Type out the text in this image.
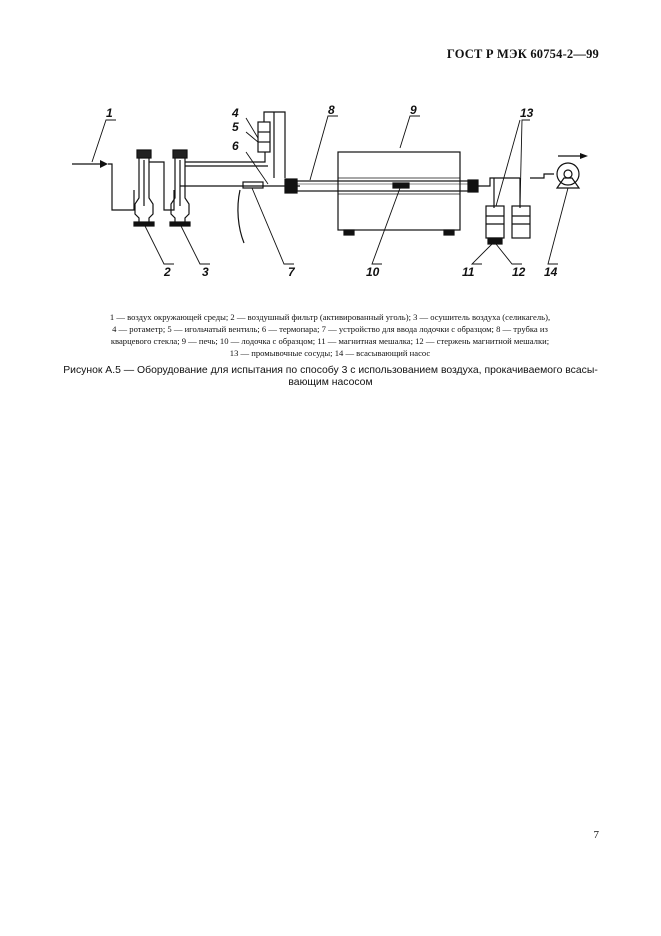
ГОСТ Р МЭК 60754-2—99
1
2	3
4
5
6
7
8	9
10	11	12
13
14
1 — воздух окружающей среды; 2 — воздушный фильтр (активированный уголь); 3 — осушитель воздуха (селикагель),
4 — ротаметр; 5 — игольчатый вентиль; 6 — термопара; 7 — устройство для ввода лодочки с образцом; 8 — трубка из
кварцевого стекла; 9 — печь; 10 — лодочка с образцом; 11 — магнитная мешалка; 12 — стержень магнитной мешалки;
13 — промывочные сосуды; 14 — всасывающий насос
Рисунок А.5 — Оборудование для испытания по способу 3 с использованием воздуха, прокачиваемого всасы-
вающим насосом
7
